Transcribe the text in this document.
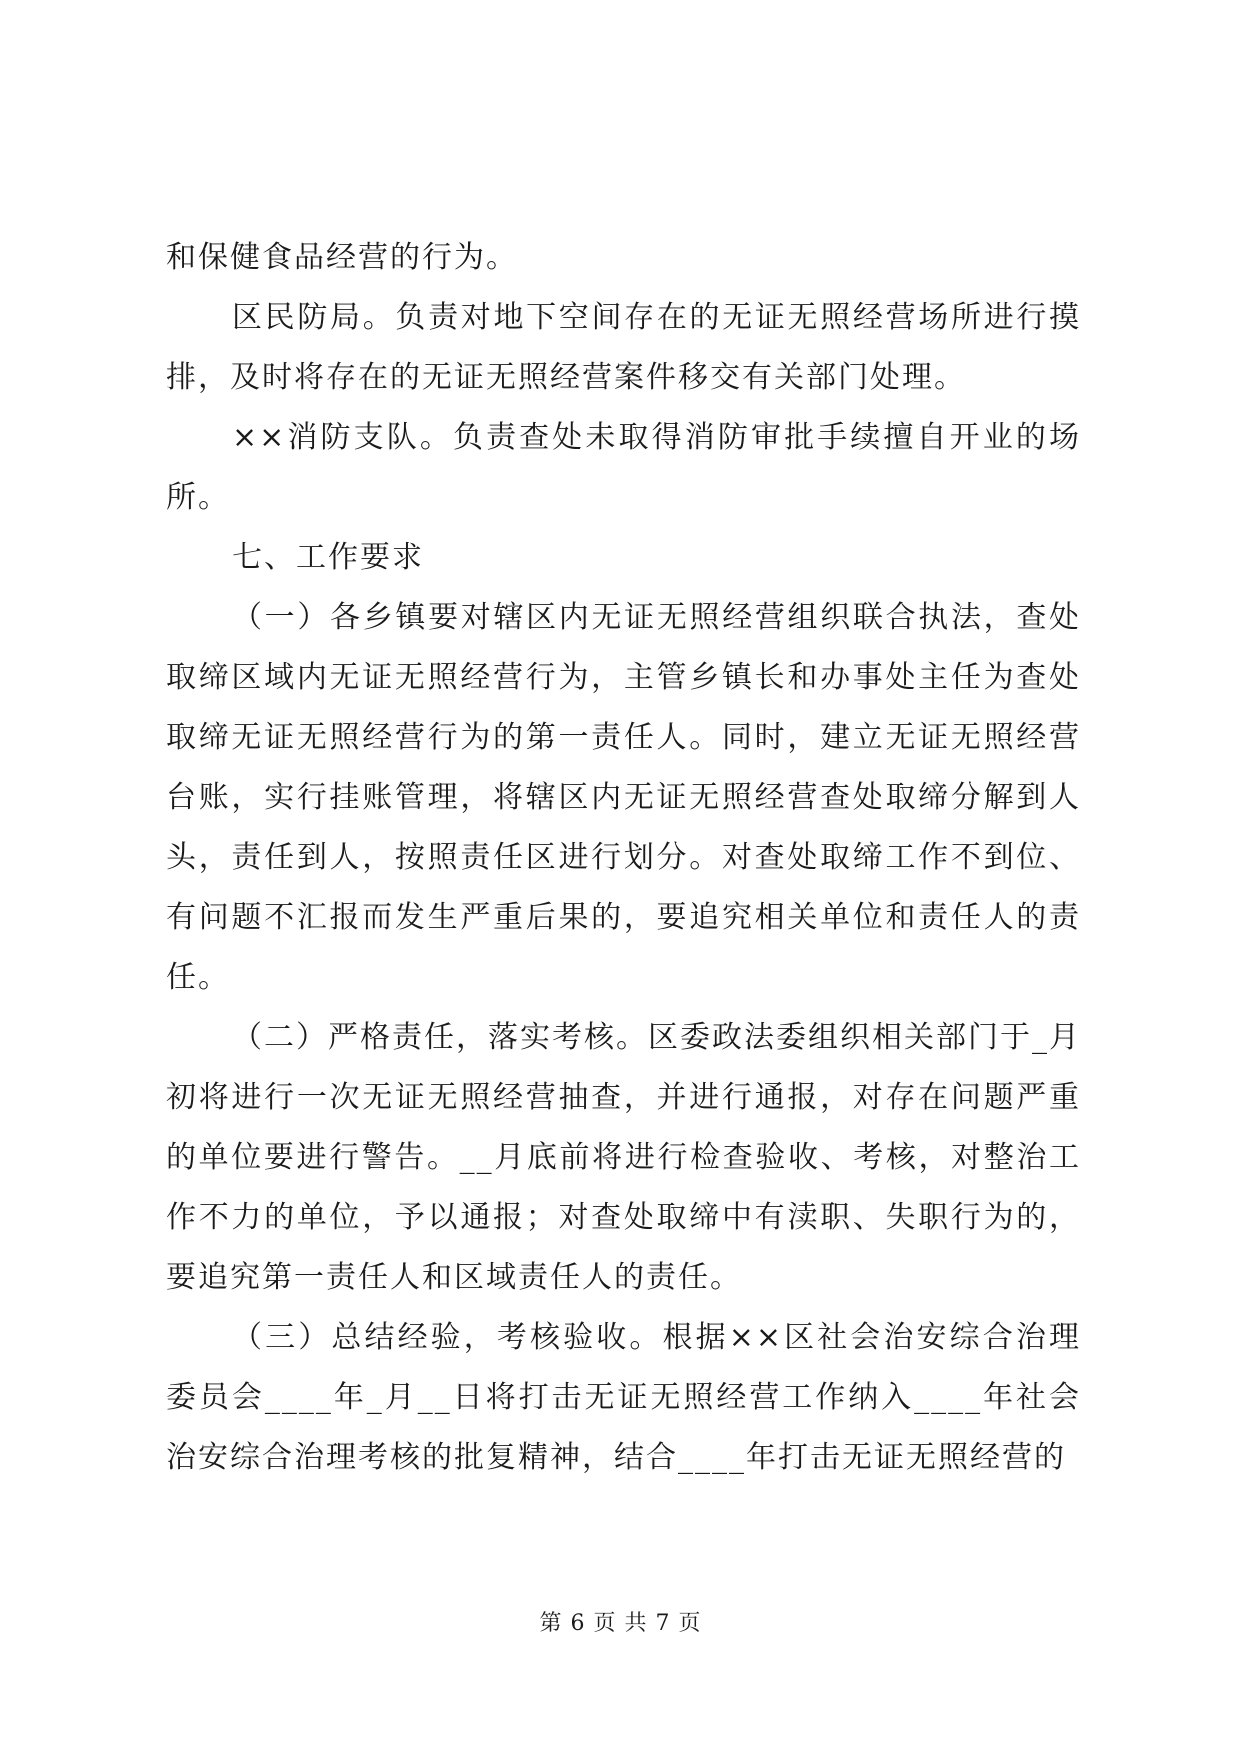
和保健食品经营的行为。

区民防局。负责对地下空间存在的无证无照经营场所进行摸排，及时将存在的无证无照经营案件移交有关部门处理。

××消防支队。负责查处未取得消防审批手续擅自开业的场所。

七、工作要求

（一）各乡镇要对辖区内无证无照经营组织联合执法，查处取缔区域内无证无照经营行为，主管乡镇长和办事处主任为查处取缔无证无照经营行为的第一责任人。同时，建立无证无照经营台账，实行挂账管理，将辖区内无证无照经营查处取缔分解到人头，责任到人，按照责任区进行划分。对查处取缔工作不到位、有问题不汇报而发生严重后果的，要追究相关单位和责任人的责任。

（二）严格责任，落实考核。区委政法委组织相关部门于_月初将进行一次无证无照经营抽查，并进行通报，对存在问题严重的单位要进行警告。__月底前将进行检查验收、考核，对整治工作不力的单位，予以通报；对查处取缔中有渎职、失职行为的，要追究第一责任人和区域责任人的责任。

（三）总结经验，考核验收。根据××区社会治安综合治理委员会____年_月__日将打击无证无照经营工作纳入____年社会治安综合治理考核的批复精神，结合____年打击无证无照经营的

第 6 页 共 7 页
